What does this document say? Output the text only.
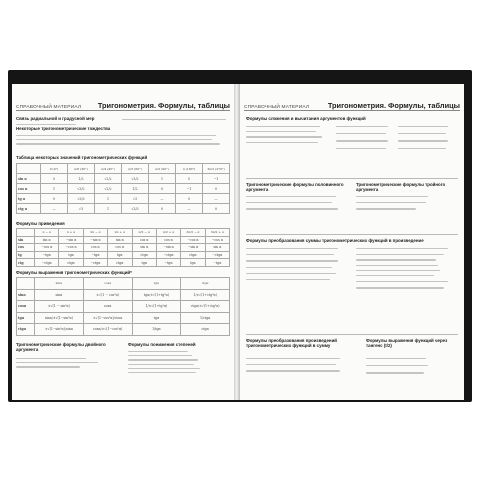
СПРАВОЧНЫЙ МАТЕРИАЛ Тригонометрия. Формулы, таблицы
Связь радиальной и градусной мер
Некоторые тригонометрические тождества
Таблица некоторых значений тригонометрических функций
	0 (0°)	π/6 (30°)	π/4 (45°)	π/3 (60°)	π/2 (90°)	π (180°)	3π/2 (270°)
sin α	0	1/2	√2/2	√3/2	1	0	−1
cos α	1	√3/2	√2/2	1/2	0	−1	0
tg α	0	√3/3	1	√3	—	0	—
ctg α	—	√3	1	√3/3	0	—	0
Формулы приведения
	π − α	π + α	2π − α	2π + α	π/2 − α	π/2 + α	3π/2 − α	3π/2 + α
sin	sin α	−sin α	−sin α	sin α	cos α	cos α	−cos α	−cos α
cos	−cos α	−cos α	cos α	cos α	sin α	−sin α	−sin α	sin α
tg	−tgα	tgα	−tgα	tgα	ctgα	−ctgα	ctgα	−ctgα
ctg	−ctgα	ctgα	−ctgα	ctgα	tgα	−tgα	tgα	−tgα
Формулы выражения тригонометрических функций*
	sinα	cosα	tgα	ctgα
sinα	sinα	±√(1 − cos²α)	tgα/±√(1+tg²α)	1/±√(1+ctg²α)
cosα	±√(1 − sin²α)	cosα	1/±√(1+tg²α)	ctgα/±√(1+ctg²α)
tgα	sinα/±√(1−sin²α)	±√(1−cos²α)/cosα	tgα	1/ctgα
ctgα	±√(1−sin²α)/sinα	cosα/±√(1−cos²α)	1/tgα	ctgα
Тригонометрические формулы двойного аргумента
Формулы понижения степеней
СПРАВОЧНЫЙ МАТЕРИАЛ	Тригонометрия. Формулы, таблицы
Формулы сложения и вычитания аргументов функций
Тригонометрические формулы половинного аргумента
Тригонометрические формулы тройного аргумента
Формулы преобразования суммы тригонометрических функций в произведение
Формулы преобразования произведений тригонометрических функций в сумму
Формулы выражения функций через тангенс (t/2)
